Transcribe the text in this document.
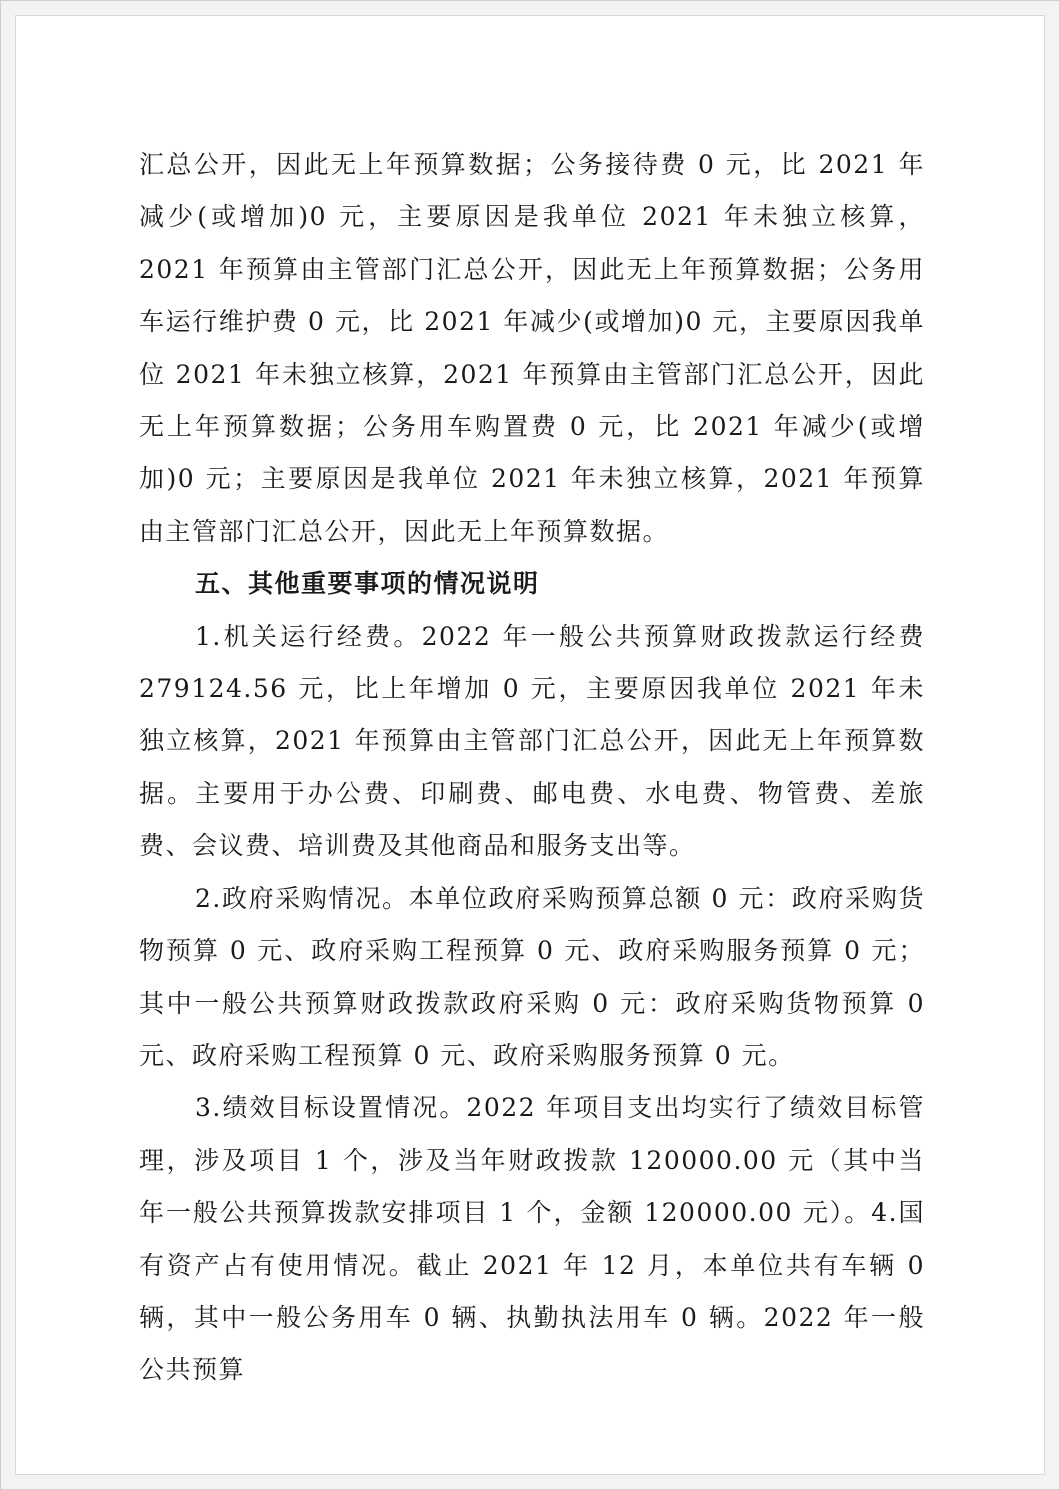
汇总公开，因此无上年预算数据；公务接待费 0 元，比 2021 年减少(或增加)0 元，主要原因是我单位 2021 年未独立核算，2021 年预算由主管部门汇总公开，因此无上年预算数据；公务用车运行维护费 0 元，比 2021 年减少(或增加)0 元，主要原因我单位 2021 年未独立核算，2021 年预算由主管部门汇总公开，因此无上年预算数据；公务用车购置费 0 元，比 2021 年减少(或增加)0 元；主要原因是我单位 2021 年未独立核算，2021 年预算由主管部门汇总公开，因此无上年预算数据。

五、其他重要事项的情况说明

1.机关运行经费。2022 年一般公共预算财政拨款运行经费 279124.56 元，比上年增加 0 元，主要原因我单位 2021 年未独立核算，2021 年预算由主管部门汇总公开，因此无上年预算数据。主要用于办公费、印刷费、邮电费、水电费、物管费、差旅费、会议费、培训费及其他商品和服务支出等。

2.政府采购情况。本单位政府采购预算总额 0 元：政府采购货物预算 0 元、政府采购工程预算 0 元、政府采购服务预算 0 元；其中一般公共预算财政拨款政府采购 0 元：政府采购货物预算 0 元、政府采购工程预算 0 元、政府采购服务预算 0 元。

3.绩效目标设置情况。2022 年项目支出均实行了绩效目标管理，涉及项目 1 个，涉及当年财政拨款 120000.00 元（其中当年一般公共预算拨款安排项目 1 个，金额 120000.00 元）。4.国有资产占有使用情况。截止 2021 年 12 月，本单位共有车辆 0 辆，其中一般公务用车 0 辆、执勤执法用车 0 辆。2022 年一般公共预算
